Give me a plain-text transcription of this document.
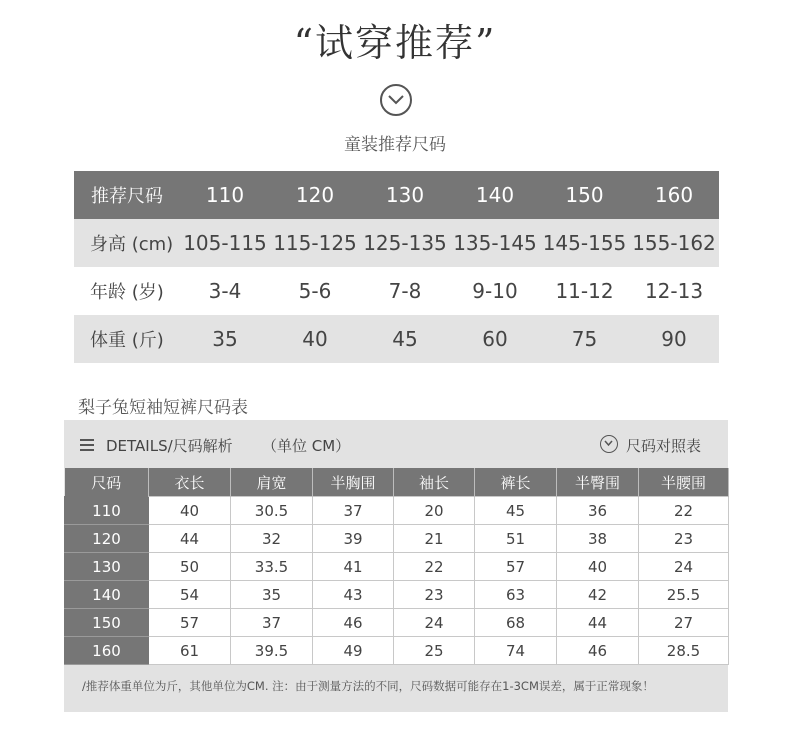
“试穿推荐”
童装推荐尺码
推荐尺码	110	120	130	140	150	160
身高 (cm)	105-115	115-125	125-135	135-145	145-155	155-162
年龄 (岁)	3-4	5-6	7-8	9-10	11-12	12-13
体重 (斤)	35	40	45	60	75	90
梨子兔短袖短裤尺码表
DETAILS/尺码解析 （单位 CM）	尺码对照表
尺码	衣长	肩宽	半胸围	袖长	裤长	半臀围	半腰围
110	40	30.5	37	20	45	36	22
120	44	32	39	21	51	38	23
130	50	33.5	41	22	57	40	24
140	54	35	43	23	63	42	25.5
150	57	37	46	24	68	44	27
160	61	39.5	49	25	74	46	28.5
/推荐体重单位为斤，其他单位为CM. 注：由于测量方法的不同，尺码数据可能存在1-3CM误差，属于正常现象！
